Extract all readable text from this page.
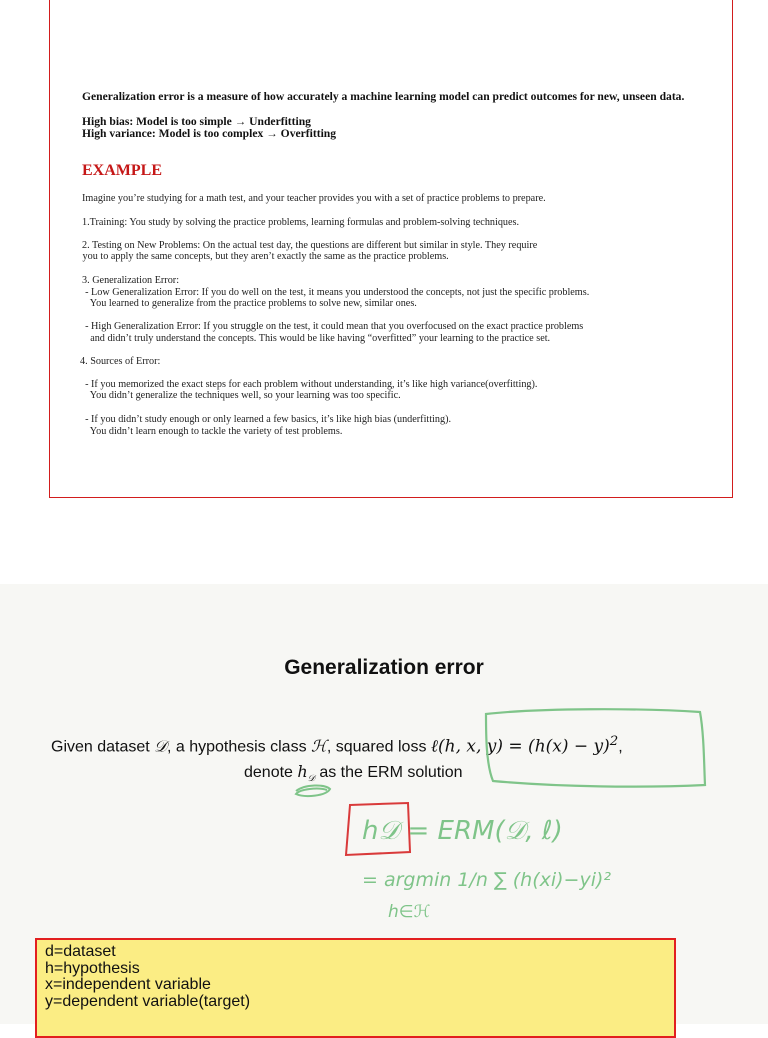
Generalization error is a measure of how accurately a machine learning model can predict outcomes for new, unseen data.

High bias: Model is too simple → Underfitting

High variance: Model is too complex → Overfitting

EXAMPLE

Imagine you’re studying for a math test, and your teacher provides you with a set of practice problems to prepare.

1.Training: You study by solving the practice problems, learning formulas and problem-solving techniques.

2. Testing on New Problems: On the actual test day, the questions are different but similar in style. They require

you to apply the same concepts, but they aren’t exactly the same as the practice problems.

3. Generalization Error:

- Low Generalization Error: If you do well on the test, it means you understood the concepts, not just the specific problems.

You learned to generalize from the practice problems to solve new, similar ones.

- High Generalization Error: If you struggle on the test, it could mean that you overfocused on the exact practice problems

and didn’t truly understand the concepts. This would be like having “overfitted” your learning to the practice set.

4. Sources of Error:

- If you memorized the exact steps for each problem without understanding, it’s like high variance(overfitting).

You didn’t generalize the techniques well, so your learning was too specific.

- If you didn’t study enough or only learned a few basics, it’s like high bias (underfitting).

You didn’t learn enough to tackle the variety of test problems.

Generalization error
Given dataset 𝒟, a hypothesis class ℋ, squared loss ℓ(h, x, $y) = (h(x) - y)^2$,
denote $h_𝒟$ as the ERM solution
h𝒟 = ERM(𝒟, ℓ)
= argmin 1/n ∑ (h(xi)−yi)²
h∈ℋ
d=dataset
h=hypothesis
x=independent variable
y=dependent variable(target)
